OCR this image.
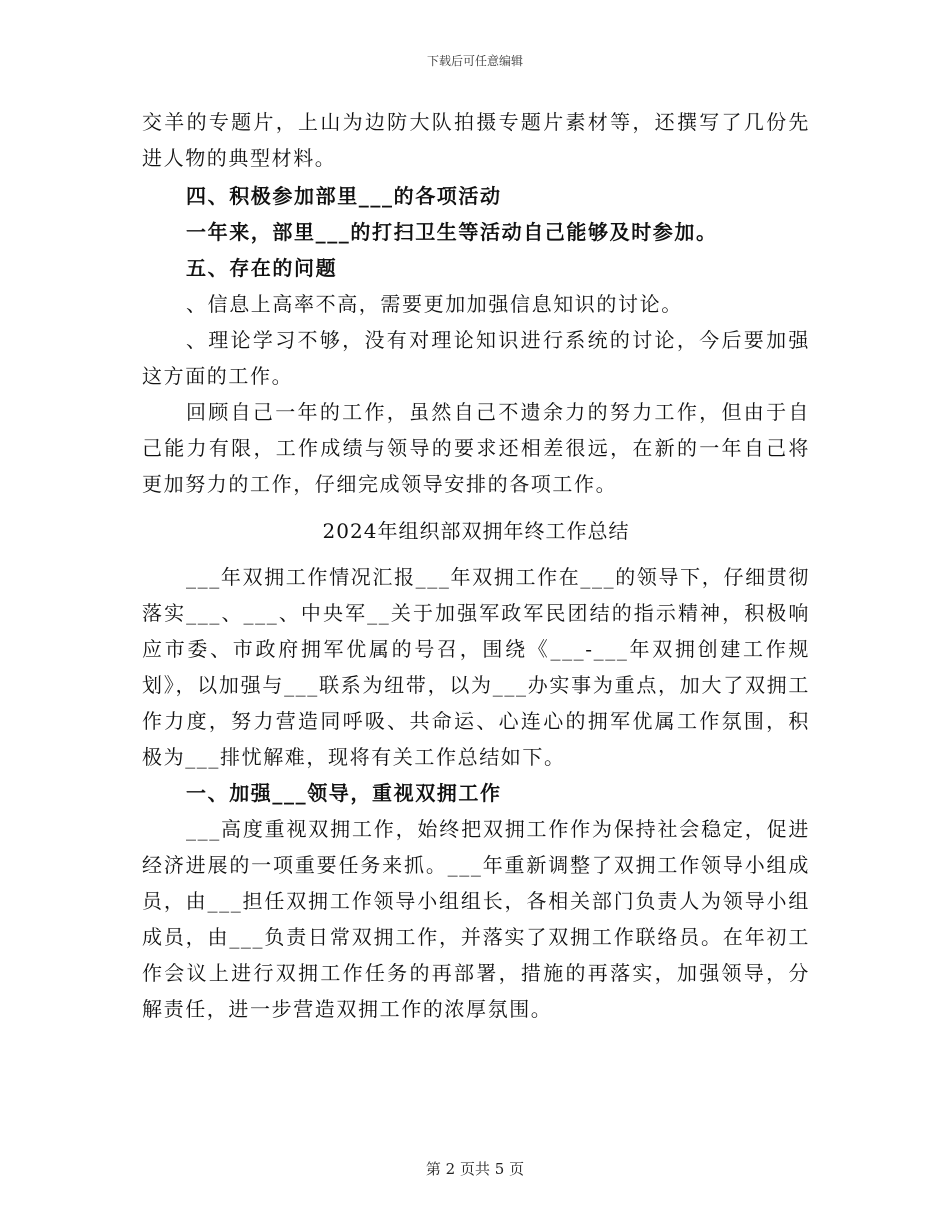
下载后可任意编辑

交羊的专题片，上山为边防大队拍摄专题片素材等，还撰写了几份先进人物的典型材料。

四、积极参加部里___的各项活动

一年来，部里___的打扫卫生等活动自己能够及时参加。

五、存在的问题

、信息上高率不高，需要更加加强信息知识的讨论。

、理论学习不够，没有对理论知识进行系统的讨论，今后要加强这方面的工作。

回顾自己一年的工作，虽然自己不遗余力的努力工作，但由于自己能力有限，工作成绩与领导的要求还相差很远，在新的一年自己将更加努力的工作，仔细完成领导安排的各项工作。

2024年组织部双拥年终工作总结

___年双拥工作情况汇报___年双拥工作在___的领导下，仔细贯彻落实___、___、中央军__关于加强军政军民团结的指示精神，积极响应市委、市政府拥军优属的号召，围绕《___-___年双拥创建工作规划》，以加强与___联系为纽带，以为___办实事为重点，加大了双拥工作力度，努力营造同呼吸、共命运、心连心的拥军优属工作氛围，积极为___排忧解难，现将有关工作总结如下。

一、加强___领导，重视双拥工作

___高度重视双拥工作，始终把双拥工作作为保持社会稳定，促进经济进展的一项重要任务来抓。___年重新调整了双拥工作领导小组成员，由___担任双拥工作领导小组组长，各相关部门负责人为领导小组成员，由___负责日常双拥工作，并落实了双拥工作联络员。在年初工作会议上进行双拥工作任务的再部署，措施的再落实，加强领导，分解责任，进一步营造双拥工作的浓厚氛围。

第 2 页共 5 页
